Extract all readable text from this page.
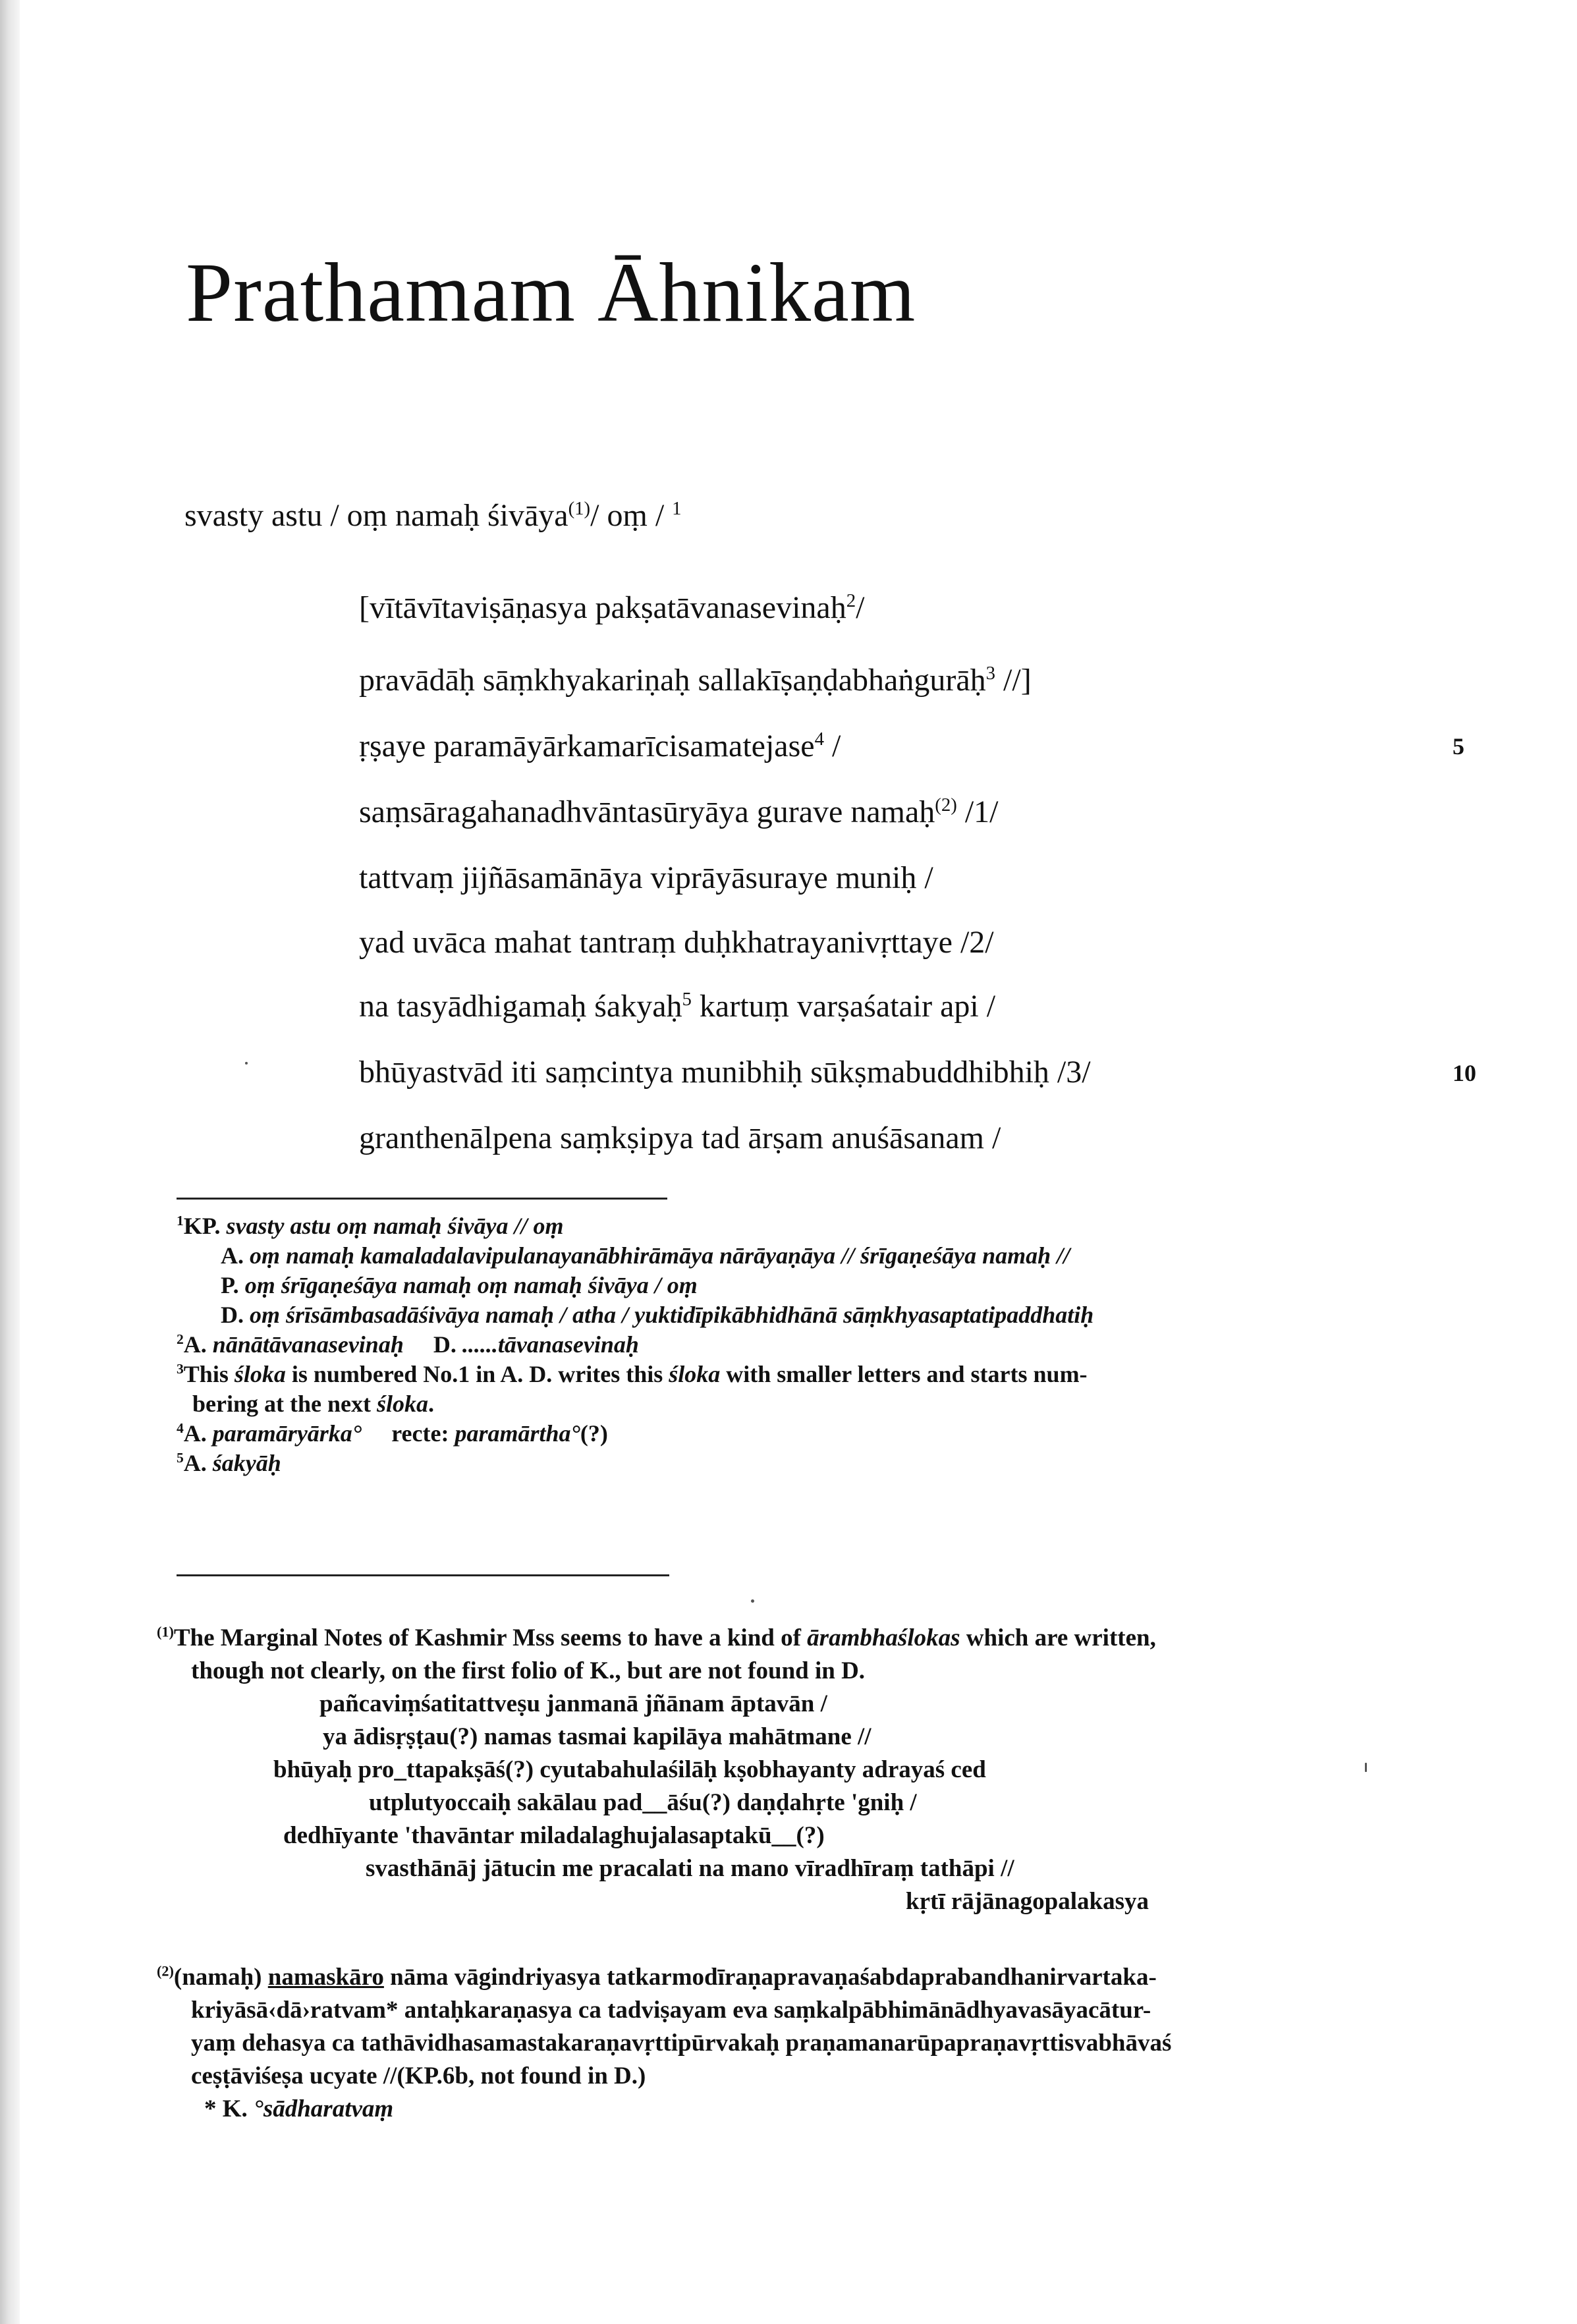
Prathamam Āhnikam
svasty astu / oṃ namaḥ śivāya$^{(1)}$/ oṃ / $^1$
[vītāvītaviṣāṇasya pakṣatāvanasevinaḥ$^2$/
pravādāḥ sāṃkhyakariṇaḥ sallakīṣaṇḍabhaṅgurāḥ$^3$ //]
ṛṣaye paramāyārkamarīcisamatejase$^4$ /
saṃsāragahanadhvāntasūryāya gurave namaḥ$^{(2)}$ /1/
tattvaṃ jijñāsamānāya viprāyāsuraye muniḥ /
yad uvāca mahat tantraṃ duḥkhatrayanivṛttaye /2/
na tasyādhigamaḥ śakyaḥ$^5$ kartuṃ varṣaśatair api /
bhūyastvād iti saṃcintya munibhiḥ sūkṣmabuddhibhiḥ /3/
granthenālpena saṃkṣipya tad ārṣam anuśāsanam /
5
10
$^1$KP. svasty astu oṃ namaḥ śivāya // oṃ
A. oṃ namaḥ kamaladalavipulanayanābhirāmāya nārāyaṇāya // śrīgaṇeśāya namaḥ //
P. oṃ śrīgaṇeśāya namaḥ oṃ namaḥ śivāya / oṃ
D. oṃ śrīsāmbasadāśivāya namaḥ / atha / yuktidīpikābhidhānā sāṃkhyasaptatipaddhatiḥ
$^2$A. nānātāvanasevinaḥ D. ......tāvanasevinaḥ
$^3$This śloka is numbered No.1 in A. D. writes this śloka with smaller letters and starts num-
bering at the next śloka.
$^4$A. paramāryārka° recte: paramārtha°(?)
$^5$A. śakyāḥ
$^{(1)}$The Marginal Notes of Kashmir Mss seems to have a kind of ārambhaślokas which are written,
though not clearly, on the first folio of K., but are not found in D.
pañcaviṃśatitattveṣu janmanā jñānam āptavān /
ya ādisṛṣṭau(?) namas tasmai kapilāya mahātmane //
bhūyaḥ pro_ttapakṣāś(?) cyutabahulaśilāḥ kṣobhayanty adrayaś ced
utplutyoccaiḥ sakālau pad__āśu(?) daṇḍahṛte 'gniḥ /
dedhīyante 'thavāntar miladalaghujalasaptakū__(?)
svasthānāj jātucin me pracalati na mano vīradhīraṃ tathāpi //
kṛtī rājānagopalakasya
$^{(2)}$(namaḥ) namaskāro nāma vāgindriyasya tatkarmodīraṇapravaṇaśabdaprabandhanirvartaka-
kriyāsā‹dā›ratvam* antaḥkaraṇasya ca tadviṣayam eva saṃkalpābhimānādhyavasāyacātur-
yaṃ dehasya ca tathāvidhasamastakaraṇavṛttipūrvakaḥ praṇamanarūpapraṇavṛttisvabhāvaś
ceṣṭāviśeṣa ucyate //(KP.6b, not found in D.)
* K. °sādharatvaṃ
